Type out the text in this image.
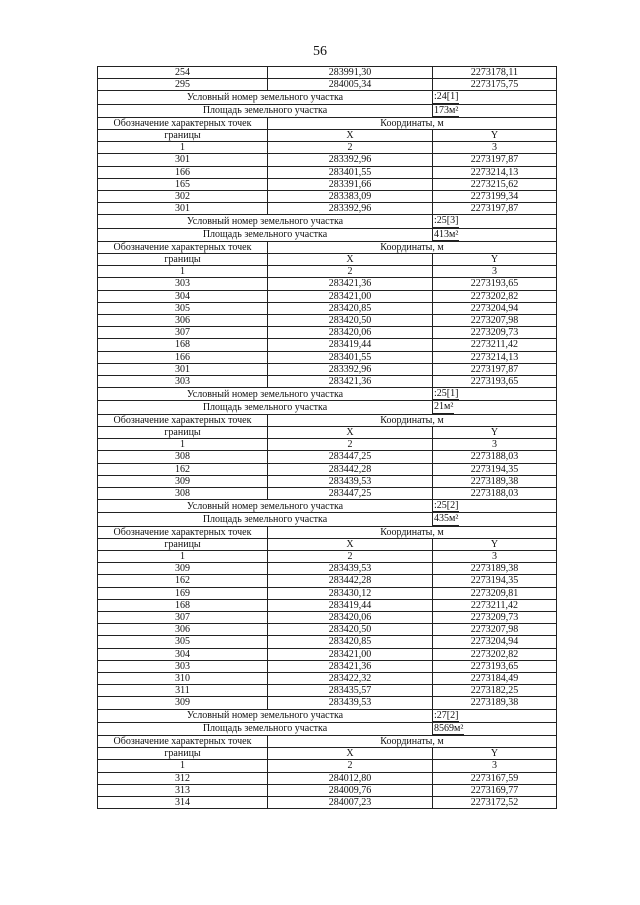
56
254	283991,30	2273178,11
295	284005,34	2273175,75
Условный номер земельного участка		:24[1]
Площадь земельного участка		173м²
Обозначение характерных точек	Координаты, м	
границы	X	Y
1	2	3
301	283392,96	2273197,87
166	283401,55	2273214,13
165	283391,66	2273215,62
302	283383,09	2273199,34
301	283392,96	2273197,87
Условный номер земельного участка		:25[3]
Площадь земельного участка		413м²
Обозначение характерных точек	Координаты, м	
границы	X	Y
1	2	3
303	283421,36	2273193,65
304	283421,00	2273202,82
305	283420,85	2273204,94
306	283420,50	2273207,98
307	283420,06	2273209,73
168	283419,44	2273211,42
166	283401,55	2273214,13
301	283392,96	2273197,87
303	283421,36	2273193,65
Условный номер земельного участка		:25[1]
Площадь земельного участка		21м²
Обозначение характерных точек	Координаты, м	
границы	X	Y
1	2	3
308	283447,25	2273188,03
162	283442,28	2273194,35
309	283439,53	2273189,38
308	283447,25	2273188,03
Условный номер земельного участка		:25[2]
Площадь земельного участка		435м²
Обозначение характерных точек	Координаты, м	
границы	X	Y
1	2	3
309	283439,53	2273189,38
162	283442,28	2273194,35
169	283430,12	2273209,81
168	283419,44	2273211,42
307	283420,06	2273209,73
306	283420,50	2273207,98
305	283420,85	2273204,94
304	283421,00	2273202,82
303	283421,36	2273193,65
310	283422,32	2273184,49
311	283435,57	2273182,25
309	283439,53	2273189,38
Условный номер земельного участка		:27[2]
Площадь земельного участка		8569м²
Обозначение характерных точек	Координаты, м	
границы	X	Y
1	2	3
312	284012,80	2273167,59
313	284009,76	2273169,77
314	284007,23	2273172,52
